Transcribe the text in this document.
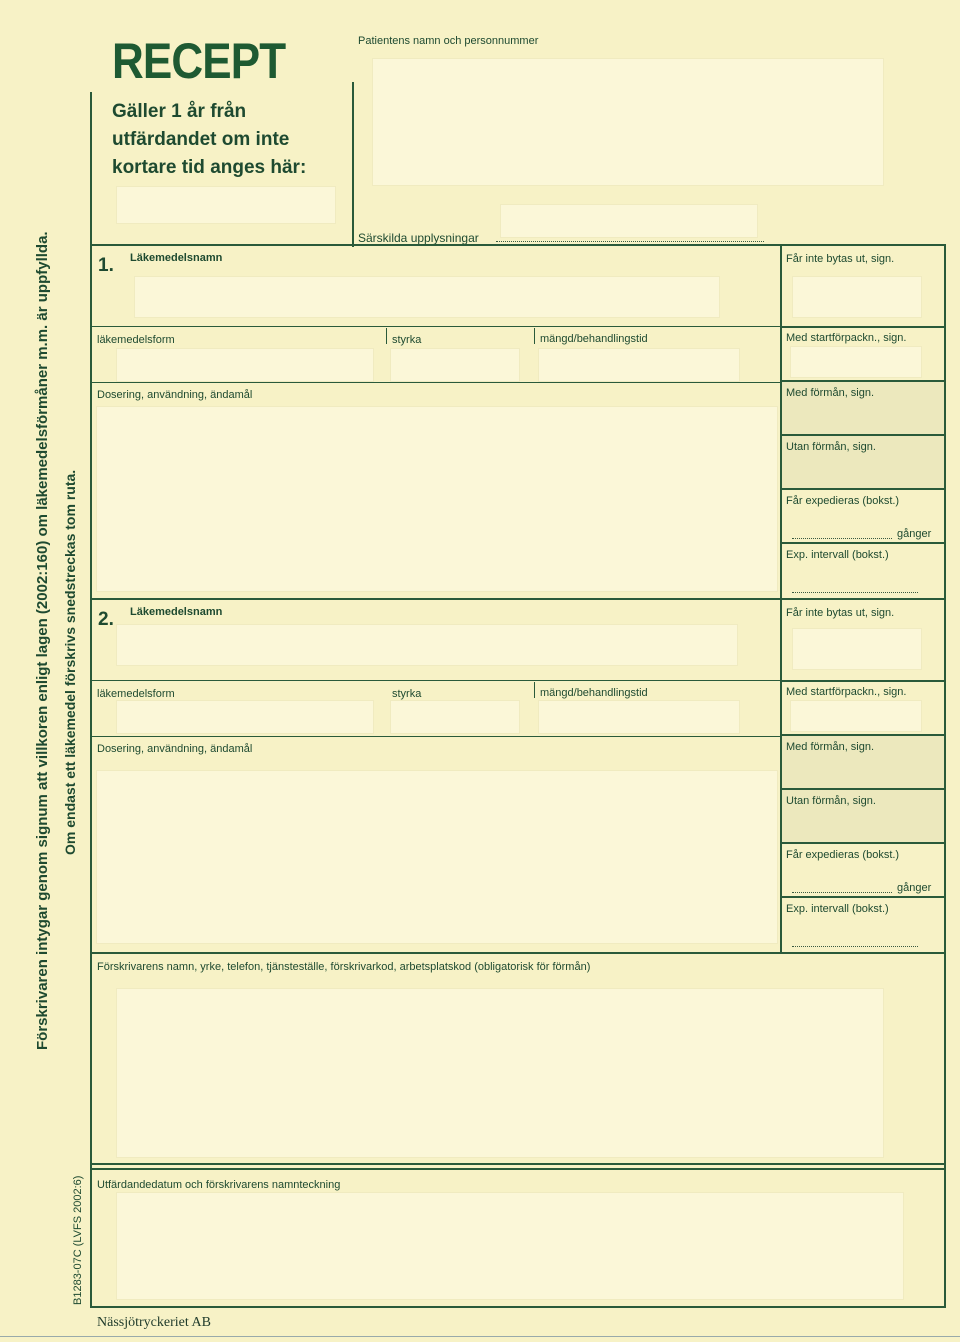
Förskrivaren intygar genom signum att villkoren enligt lagen (2002:160) om läkemedelsförmåner m.m. är uppfyllda. Om endast ett läkemedel förskrivs snedstreckas tom ruta.
B1283-07C (LVFS 2002:6)
RECEPT
Gäller 1 år från utfärdandet om inte kortare tid anges här:
Patientens namn och personnummer
Särskilda upplysningar
1. Läkemedelsnamn
läkemedelsform	styrka	mängd/behandlingstid
Dosering, användning, ändamål
Får inte bytas ut, sign.
Med startförpackn., sign.
Med förmån, sign.
Utan förmån, sign.
Får expedieras (bokst.)
gånger
Exp. intervall (bokst.)
2. Läkemedelsnamn
läkemedelsform	styrka	mängd/behandlingstid
Dosering, användning, ändamål
Får inte bytas ut, sign.
Med startförpackn., sign.
Med förmån, sign.
Utan förmån, sign.
Får expedieras (bokst.)
gånger
Exp. intervall (bokst.)
Förskrivarens namn, yrke, telefon, tjänsteställe, förskrivarkod, arbetsplatskod (obligatorisk för förmån)
Utfärdandedatum och förskrivarens namnteckning
Nässjötryckeriet AB
